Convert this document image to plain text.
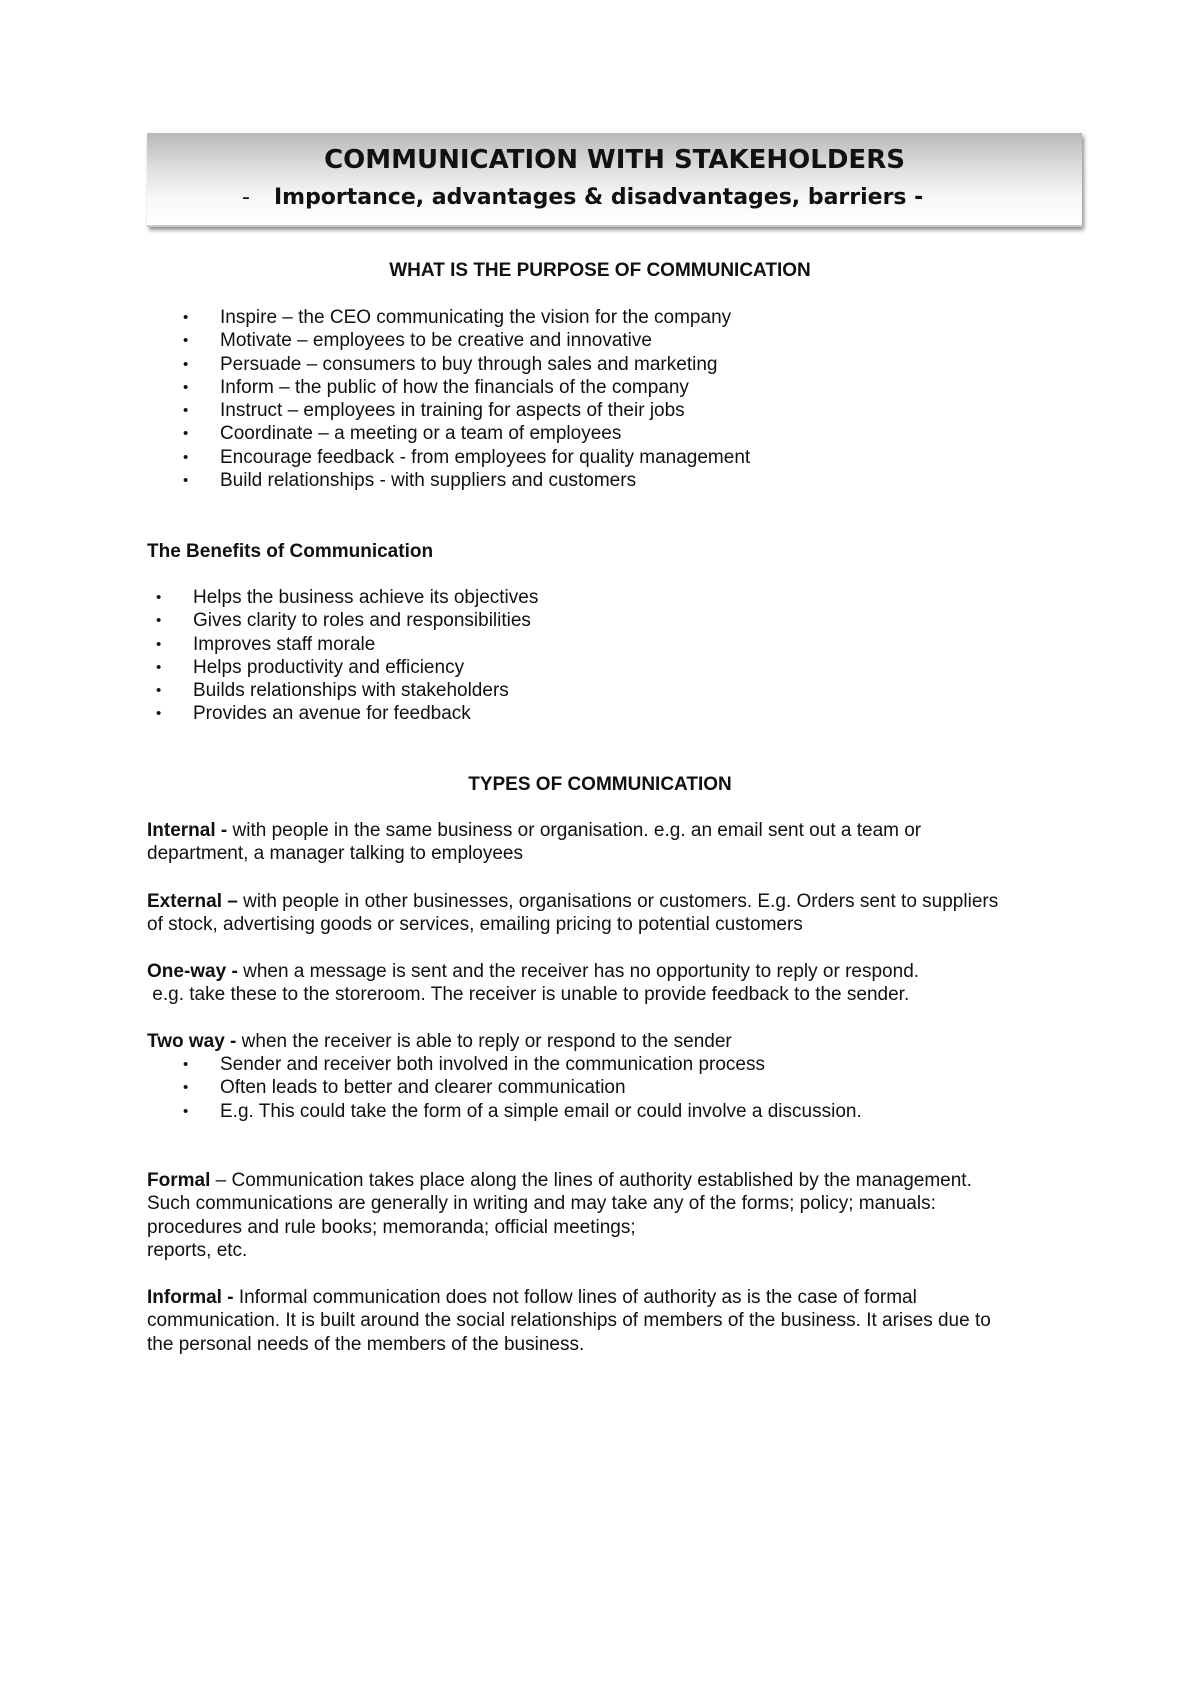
COMMUNICATION WITH STAKEHOLDERS
- Importance, advantages & disadvantages, barriers -
WHAT IS THE PURPOSE OF COMMUNICATION
• Inspire – the CEO communicating the vision for the company
• Motivate – employees to be creative and innovative
• Persuade – consumers to buy through sales and marketing
• Inform – the public of how the financials of the company
• Instruct – employees in training for aspects of their jobs
• Coordinate – a meeting or a team of employees
• Encourage feedback - from employees for quality management
• Build relationships - with suppliers and customers
The Benefits of Communication
• Helps the business achieve its objectives
• Gives clarity to roles and responsibilities
• Improves staff morale
• Helps productivity and efficiency
• Builds relationships with stakeholders
• Provides an avenue for feedback
TYPES OF COMMUNICATION

Internal - with people in the same business or organisation. e.g. an email sent out a team or
department, a manager talking to employees

External – with people in other businesses, organisations or customers. E.g. Orders sent to suppliers
of stock, advertising goods or services, emailing pricing to potential customers

One-way - when a message is sent and the receiver has no opportunity to reply or respond.
e.g. take these to the storeroom. The receiver is unable to provide feedback to the sender.

Two way - when the receiver is able to reply or respond to the sender

• Sender and receiver both involved in the communication process
• Often leads to better and clearer communication
• E.g. This could take the form of a simple email or could involve a discussion.

Formal – Communication takes place along the lines of authority established by the management.
Such communications are generally in writing and may take any of the forms; policy; manuals:
procedures and rule books; memoranda; official meetings;
reports, etc.

Informal - Informal communication does not follow lines of authority as is the case of formal
communication. It is built around the social relationships of members of the business. It arises due to
the personal needs of the members of the business.
